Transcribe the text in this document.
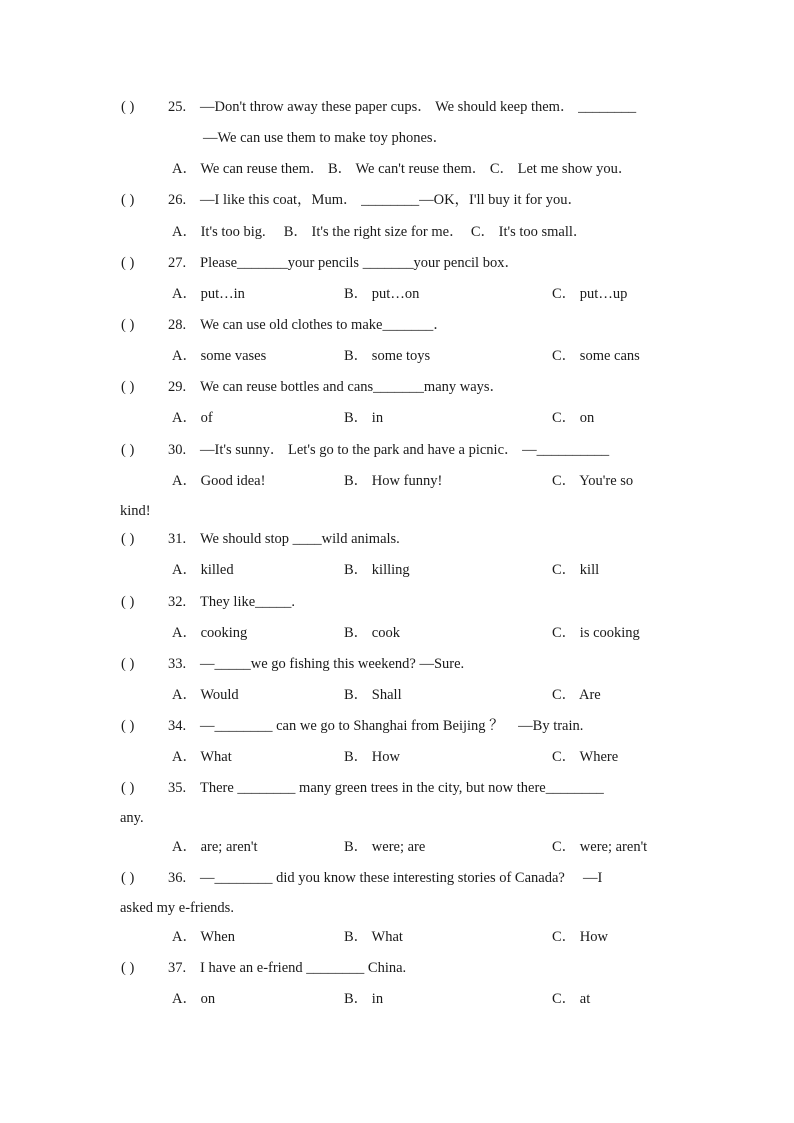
( )	25. —Don't throw away these paper cups． We should keep them． ________
—We can use them to make toy phones．
A． We can reuse them． B． We can't reuse them． C． Let me show you．
( )	26. —I like this coat，Mum． ________—OK，I'll buy it for you．
A． It's too big.　 B． It's the right size for me．　C． It's too small．
( )	27. Please_______your pencils _______your pencil box．
A． put…in	B． put…on	C． put…up
( )	28. We can use old clothes to make_______．
A． some vases	B． some toys	C． some cans
( )	29. We can reuse bottles and cans_______many ways．
A． of	B． in	C． on
( )	30. —It's sunny． Let's go to the park and have a picnic． —__________
A． Good idea!	B． How funny!	C． You're so
kind!
( )	31. We should stop ____wild animals.
A． killed	B． killing	C． kill
( )	32. They like_____.
A． cooking	B． cook	C． is cooking
( )	33. —_____we go fishing this weekend? —Sure.
A． Would	B． Shall	C． Are
( )	34. —________ can we go to Shanghai from Beijing ？　—By train.
A． What	B． How	C． Where
( )	35. There ________ many green trees in the city, but now there________
any.
A． are; aren't	B． were; are	C． were; aren't
( )	36. —________ did you know these interesting stories of Canada?　 —I
asked my e-friends.
A． When	B． What	C． How
( )	37. I have an e-friend ________ China.
A． on	B． in	C． at
